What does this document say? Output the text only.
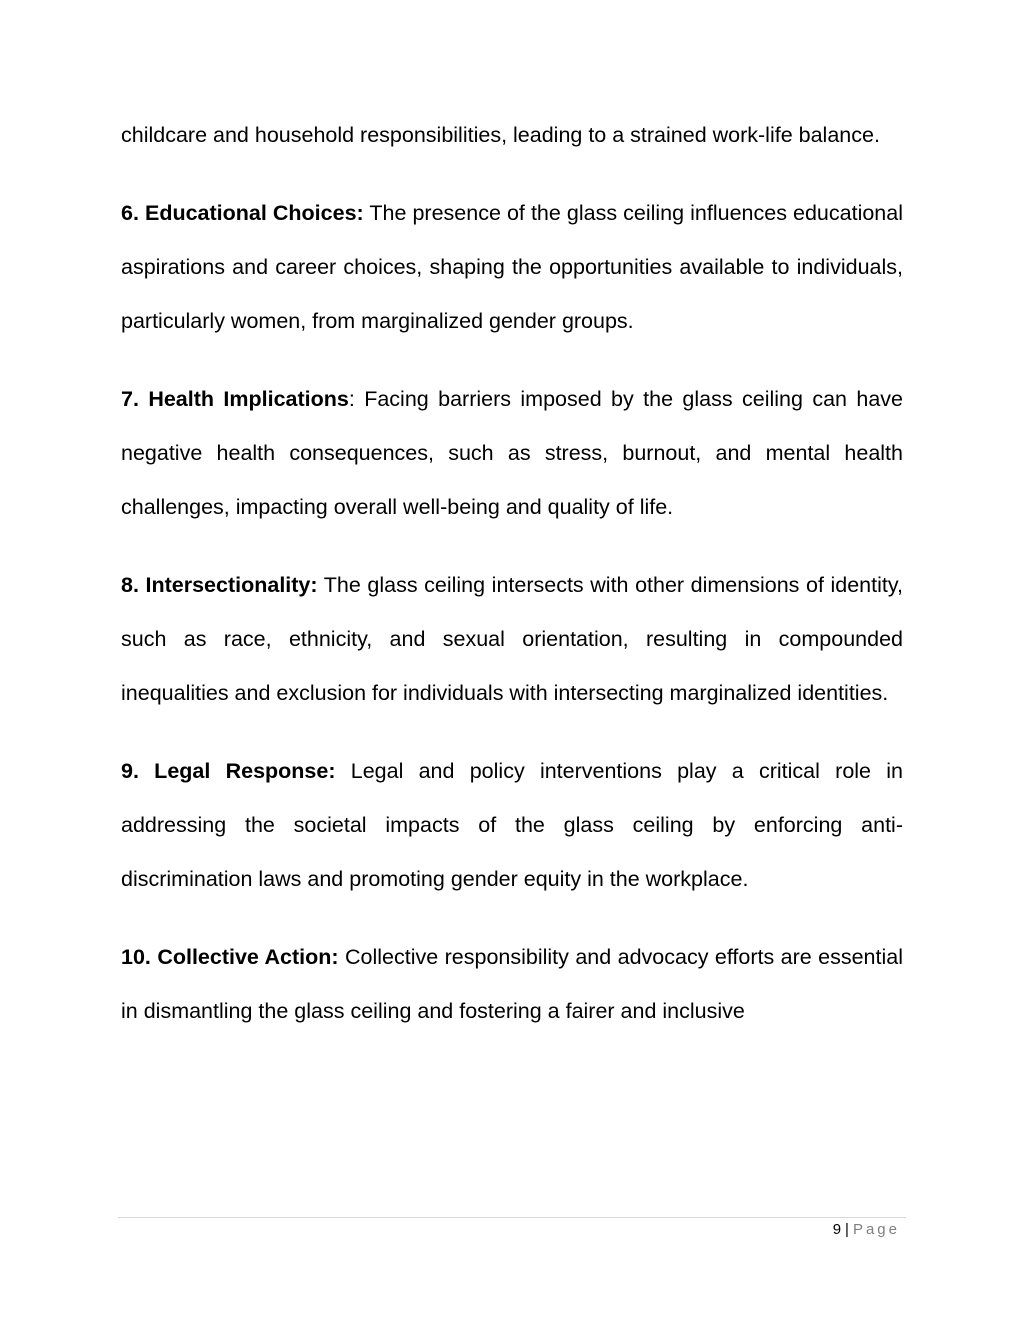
childcare and household responsibilities, leading to a strained work-life balance.

6. Educational Choices: The presence of the glass ceiling influences educational aspirations and career choices, shaping the opportunities available to individuals, particularly women, from marginalized gender groups.

7. Health Implications: Facing barriers imposed by the glass ceiling can have negative health consequences, such as stress, burnout, and mental health challenges, impacting overall well-being and quality of life.

8. Intersectionality: The glass ceiling intersects with other dimensions of identity, such as race, ethnicity, and sexual orientation, resulting in compounded inequalities and exclusion for individuals with intersecting marginalized identities.

9. Legal Response: Legal and policy interventions play a critical role in addressing the societal impacts of the glass ceiling by enforcing anti-discrimination laws and promoting gender equity in the workplace.

10. Collective Action: Collective responsibility and advocacy efforts are essential in dismantling the glass ceiling and fostering a fairer and inclusive

9 | Page
